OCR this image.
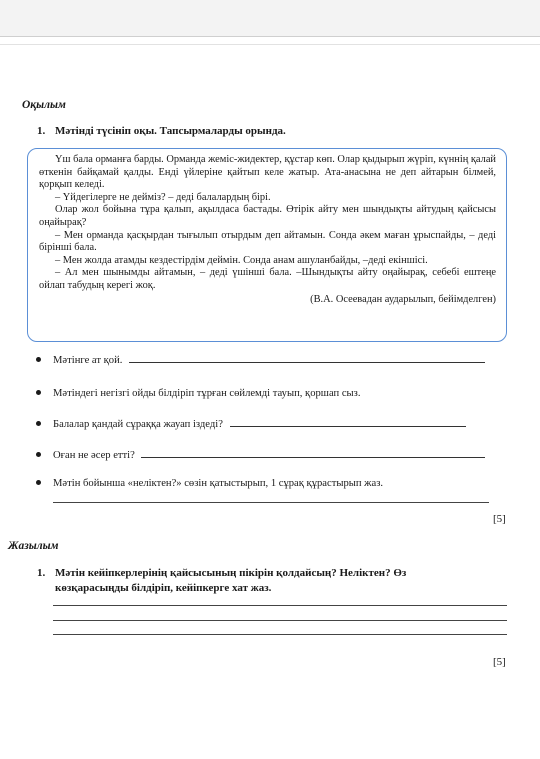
Оқылым
1. Мәтінді түсініп оқы. Тапсырмаларды орында.

Үш бала орманға барды. Орманда жеміс-жидектер, құстар көп. Олар қыдырып жүріп, күннің қалай өткенін байқамай қалды. Енді үйлеріне қайтып келе жатыр. Ата-анасына не деп айтарын білмей, қорқып келеді.

– Үйдегілерге не дейміз? – деді балалардың бірі.

Олар жол бойына тұра қалып, ақылдаса бастады. Өтірік айту мен шындықты айтудың қайсысы оңайырақ?

– Мен орманда қасқырдан тығылып отырдым деп айтамын. Сонда әкем маған ұрыспайды, – деді бірінші бала.

– Мен жолда атамды кездестірдім деймін. Сонда анам ашуланбайды, –деді екіншісі.

– Ал мен шынымды айтамын, – деді үшінші бала. –Шындықты айту оңайырақ, себебі ештеңе ойлап табудың керегі жоқ.

(В.А. Осеевадан аударылып, бейімделген)

Мәтінге ат қой.
Мәтіндегі негізгі ойды білдіріп тұрған сөйлемді тауып, қоршап сыз.
Балалар қандай сұраққа жауап іздеді?
Оған не әсер етті?
Мәтін бойынша «неліктен?» сөзін қатыстырып, 1 сұрақ құрастырып жаз.
[5]
Жазылым
1. Мәтін кейіпкерлерінің қайсысының пікірін қолдайсың? Неліктен? Өз
көзқарасыңды білдіріп, кейіпкерге хат жаз.
[5]
